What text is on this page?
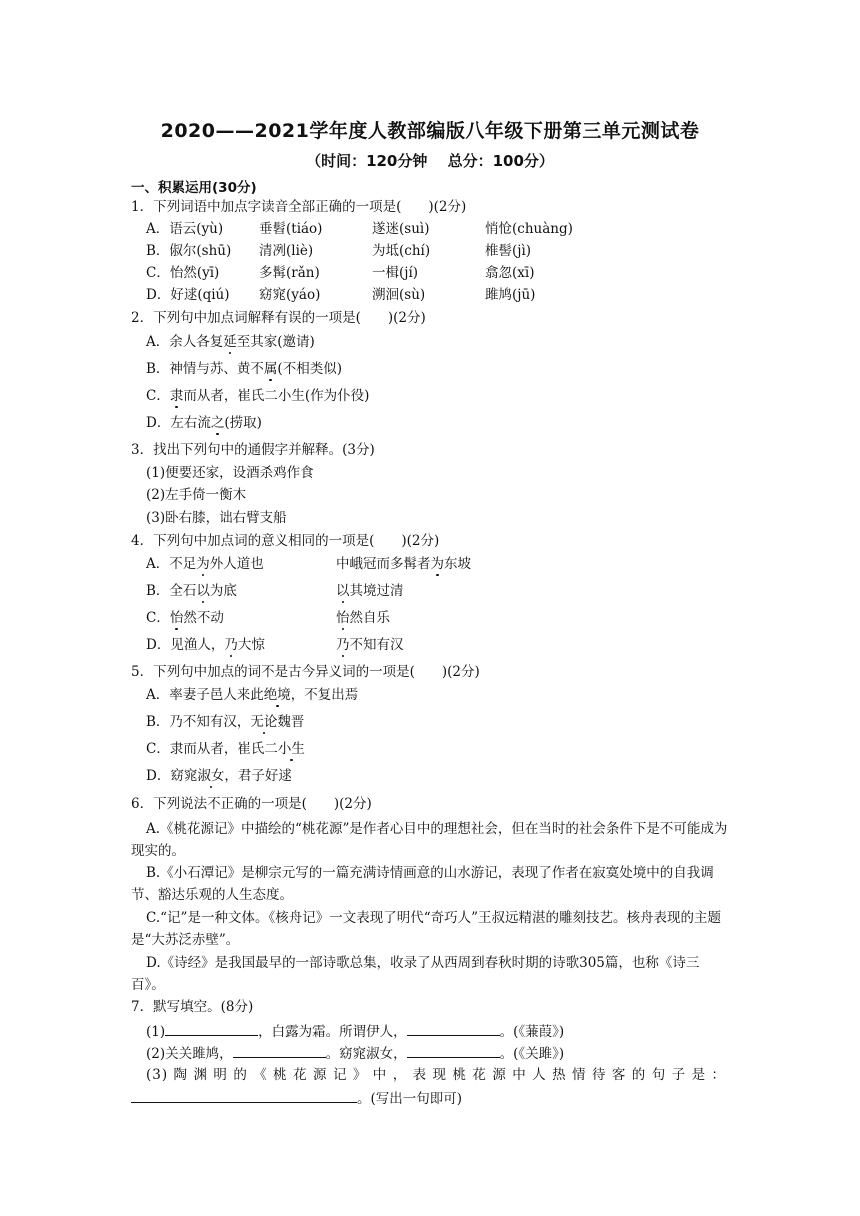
2020——2021学年度人教部编版八年级下册第三单元测试卷
（时间：120分钟　 总分：100分）
一、积累运用(30分)
1．下列词语中加点字读音全部正确的一项是(　　)(2分)
A．语云(yù)	垂髫(tiáo)	遂迷(suì)	悄怆(chuàng)
B．俶尔(shū) 清冽(liè)	为坻(chí)	椎髻(jì)
C．怡然(yī)	多髯(rǎn)	一楫(jí)	翕忽(xī)
D．好逑(qiú) 窈窕(yáo)	溯洄(sù)	雎鸠(jū)
2．下列句中加点词解释有误的一项是(　　)(2分)
A．余人各复延至其家(邀请)
B．神情与苏、黄不属(不相类似)
C．隶而从者，崔氏二小生(作为仆役)
D．左右流之(捞取)
3．找出下列句中的通假字并解释。(3分)
(1)便要还家，设酒杀鸡作食
(2)左手倚一衡木
(3)卧右膝，诎右臂支船
4．下列句中加点词的意义相同的一项是(　　)(2分)
A．不足为外人道也	中峨冠而多髯者为东坡
B．全石以为底	以其境过清
C．怡然不动	怡然自乐
D．见渔人，乃大惊	乃不知有汉
5．下列句中加点的词不是古今异义词的一项是(　　)(2分)
A．率妻子邑人来此绝境，不复出焉
B．乃不知有汉，无论魏晋
C．隶而从者，崔氏二小生
D．窈窕淑女，君子好逑
6．下列说法不正确的一项是(　　)(2分)
A.《桃花源记》中描绘的“桃花源”是作者心目中的理想社会，但在当时的社会条件下是不可能成为现实的。
B.《小石潭记》是柳宗元写的一篇充满诗情画意的山水游记，表现了作者在寂寞处境中的自我调节、豁达乐观的人生态度。
C.“记”是一种文体。《核舟记》一文表现了明代“奇巧人”王叔远精湛的雕刻技艺。核舟表现的主题是“大苏泛赤壁”。
D.《诗经》是我国最早的一部诗歌总集，收录了从西周到春秋时期的诗歌305篇，也称《诗三百》。
7．默写填空。(8分)
(1)	，白露为霜。所谓伊人，	。(《蒹葭》)
(2)关关雎鸠，	。窈窕淑女，	。(《关雎》)
(3)陶渊明的《桃花源记》中，表现桃花源中人热情待客的句子是：
。(写出一句即可)
